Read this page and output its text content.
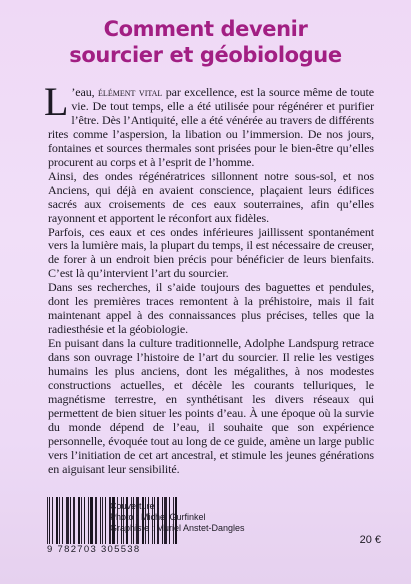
Comment devenir
sourcier et géobiologue

L ’eau, élément vital par excellence, est la source même de toute vie. De tout temps, elle a été utilisée pour régénérer et purifier l’être. Dès l’Antiquité, elle a été vénérée au travers de différents rites comme l’aspersion, la libation ou l’immersion. De nos jours, fontaines et sources thermales sont prisées pour le bien-être qu’elles procurent au corps et à l’esprit de l’homme.

Ainsi, des ondes régénératrices sillonnent notre sous-sol, et nos Anciens, qui déjà en avaient conscience, plaçaient leurs édifices sacrés aux croisements de ces eaux souterraines, afin qu’elles rayonnent et apportent le réconfort aux fidèles.

Parfois, ces eaux et ces ondes inférieures jaillissent spontanément vers la lumière mais, la plupart du temps, il est nécessaire de creuser, de forer à un endroit bien précis pour bénéficier de leurs bienfaits. C’est là qu’intervient l’art du sourcier.

Dans ses recherches, il s’aide toujours des baguettes et pendules, dont les premières traces remontent à la préhistoire, mais il fait maintenant appel à des connaissances plus précises, telles que la radiesthésie et la géobiologie.

En puisant dans la culture traditionnelle, Adolphe Landspurg retrace dans son ouvrage l’histoire de l’art du sourcier. Il relie les vestiges humains les plus anciens, dont les mégalithes, à nos modestes constructions actuelles, et décèle les courants telluriques, le magnétisme terrestre, en synthétisant les divers réseaux qui permettent de bien situer les points d’eau. À une époque où la survie du monde dépend de l’eau, il souhaite que son expérience personnelle, évoquée tout au long de ce guide, amène un large public vers l’initiation de cet art ancestral, et stimule les jeunes générations en aiguisant leur sensibilité.

9 782703 305538
Couverture :
Photo : Michel Gurfinkel
Graphiste : Muriel Anstet-Dangles
20 €
